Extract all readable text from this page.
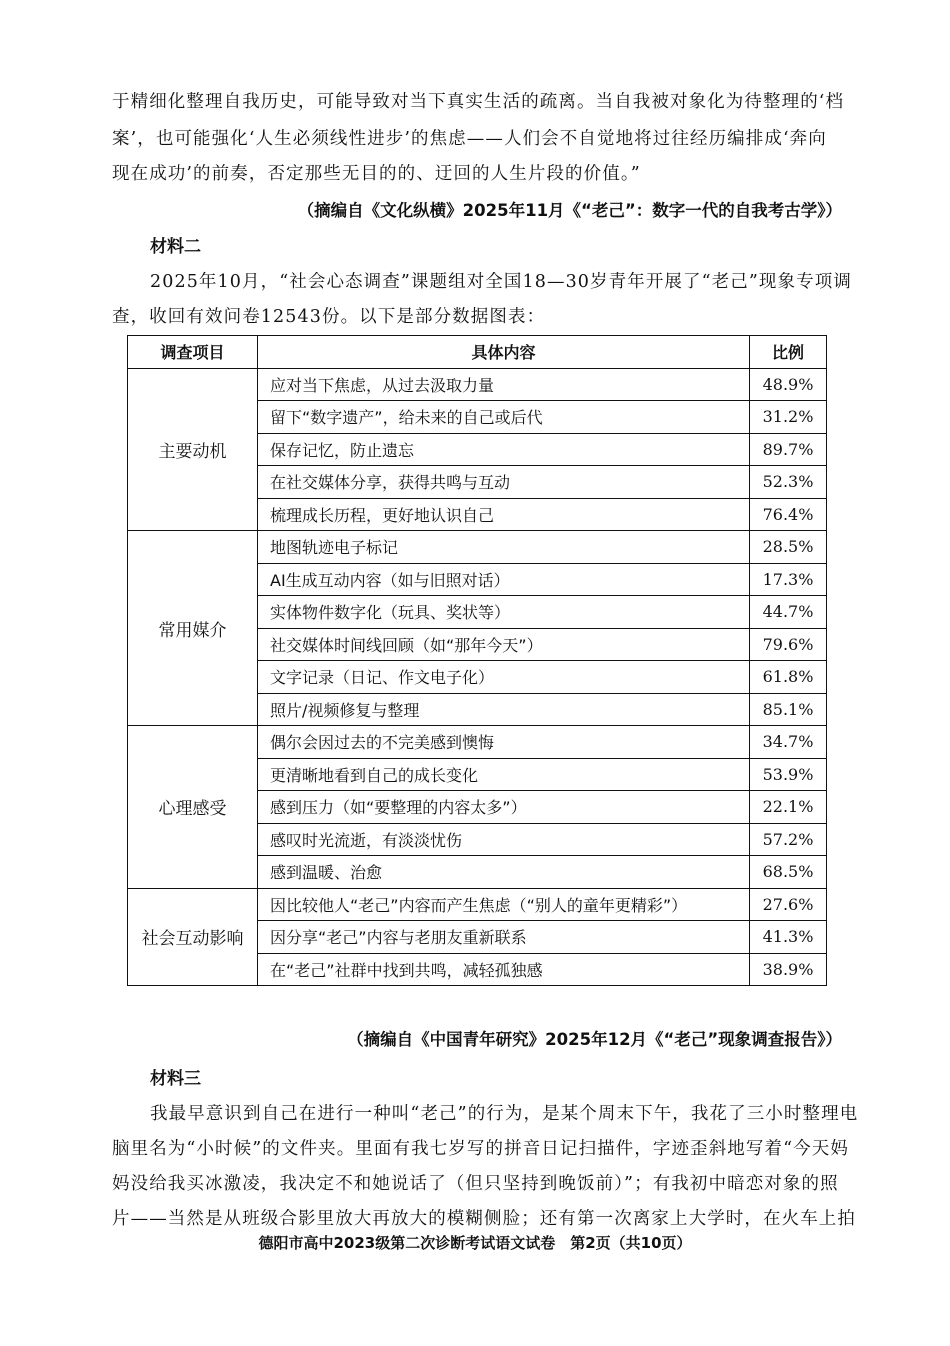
于精细化整理自我历史，可能导致对当下真实生活的疏离。当自我被对象化为待整理的‘档
案’，也可能强化‘人生必须线性进步’的焦虑——人们会不自觉地将过往经历编排成‘奔向
现在成功’的前奏，否定那些无目的的、迂回的人生片段的价值。”
（摘编自《文化纵横》2025年11月《“老己”：数字一代的自我考古学》）
材料二
2025年10月，“社会心态调查”课题组对全国18—30岁青年开展了“老己”现象专项调
查，收回有效问卷12543份。以下是部分数据图表：
调查项目	具体内容	比例
主要动机	应对当下焦虑，从过去汲取力量	48.9%
	留下“数字遗产”，给未来的自己或后代	31.2%
	保存记忆，防止遗忘	89.7%
	在社交媒体分享，获得共鸣与互动	52.3%
	梳理成长历程，更好地认识自己	76.4%
常用媒介	地图轨迹电子标记	28.5%
	AI生成互动内容（如与旧照对话）	17.3%
	实体物件数字化（玩具、奖状等）	44.7%
	社交媒体时间线回顾（如“那年今天”）	79.6%
	文字记录（日记、作文电子化）	61.8%
	照片/视频修复与整理	85.1%
心理感受	偶尔会因过去的不完美感到懊悔	34.7%
	更清晰地看到自己的成长变化	53.9%
	感到压力（如“要整理的内容太多”）	22.1%
	感叹时光流逝，有淡淡忧伤	57.2%
	感到温暖、治愈	68.5%
社会互动影响	因比较他人“老己”内容而产生焦虑（“别人的童年更精彩”）	27.6%
	因分享“老己”内容与老朋友重新联系	41.3%
	在“老己”社群中找到共鸣，减轻孤独感	38.9%
（摘编自《中国青年研究》2025年12月《“老己”现象调查报告》）
材料三
我最早意识到自己在进行一种叫“老己”的行为，是某个周末下午，我花了三小时整理电
脑里名为“小时候”的文件夹。里面有我七岁写的拼音日记扫描件，字迹歪斜地写着“今天妈
妈没给我买冰激凌，我决定不和她说话了（但只坚持到晚饭前）”；有我初中暗恋对象的照
片——当然是从班级合影里放大再放大的模糊侧脸；还有第一次离家上大学时，在火车上拍
德阳市高中2023级第二次诊断考试语文试卷　第2页（共10页）
